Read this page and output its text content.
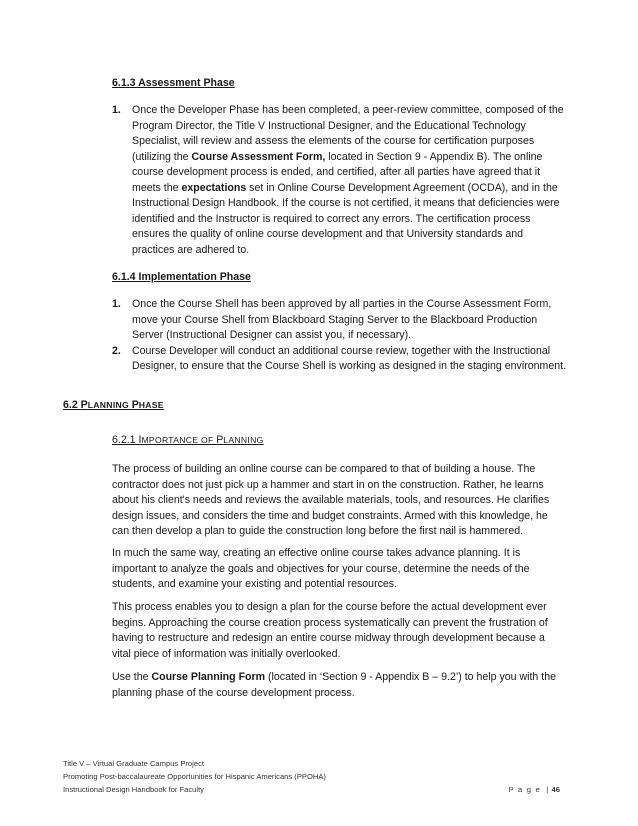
6.1.3 Assessment Phase
1. Once the Developer Phase has been completed, a peer-review committee, composed of the Program Director, the Title V Instructional Designer, and the Educational Technology Specialist, will review and assess the elements of the course for certification purposes (utilizing the Course Assessment Form, located in Section 9 - Appendix B). The online course development process is ended, and certified, after all parties have agreed that it meets the expectations set in Online Course Development Agreement (OCDA), and in the Instructional Design Handbook. If the course is not certified, it means that deficiencies were identified and the Instructor is required to correct any errors. The certification process ensures the quality of online course development and that University standards and practices are adhered to.
6.1.4 Implementation Phase
1. Once the Course Shell has been approved by all parties in the Course Assessment Form, move your Course Shell from Blackboard Staging Server to the Blackboard Production Server (Instructional Designer can assist you, if necessary).
2. Course Developer will conduct an additional course review, together with the Instructional Designer, to ensure that the Course Shell is working as designed in the staging environment.
6.2 PLANNING PHASE
6.2.1 IMPORTANCE OF PLANNING

The process of building an online course can be compared to that of building a house. The contractor does not just pick up a hammer and start in on the construction. Rather, he learns about his client's needs and reviews the available materials, tools, and resources. He clarifies design issues, and considers the time and budget constraints. Armed with this knowledge, he can then develop a plan to guide the construction long before the first nail is hammered.

In much the same way, creating an effective online course takes advance planning. It is important to analyze the goals and objectives for your course, determine the needs of the students, and examine your existing and potential resources.

This process enables you to design a plan for the course before the actual development ever begins. Approaching the course creation process systematically can prevent the frustration of having to restructure and redesign an entire course midway through development because a vital piece of information was initially overlooked.

Use the Course Planning Form (located in ‘Section 9 - Appendix B – 9.2’) to help you with the planning phase of the course development process.

Title V – Virtual Graduate Campus Project
Promoting Post-baccalaureate Opportunities for Hispanic Americans (PPOHA)
Instructional Design Handbook for Faculty	P a g e | 46
